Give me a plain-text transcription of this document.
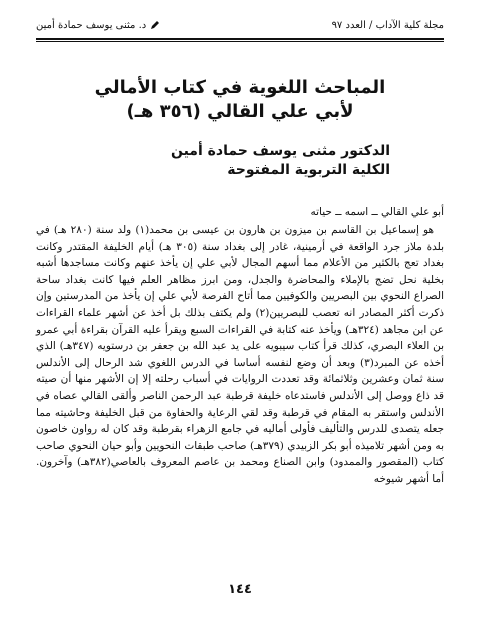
د. مثنى يوسف حمادة أمين	مجلة كلية الآداب / العدد ٩٧
المباحث اللغوية في كتاب الأمالي
لأبي علي القالي (٣٥٦ هـ)
الدكتور مثنى يوسف حمادة أمين
الكلية التربوية المفتوحة
أبو علي القالي ــ اسمه ــ حياته

هو إسماعيل بن القاسم بن ميزون بن هارون بن عيسى بن محمد(١) ولد سنة (٢٨٠ هـ) في بلدة ملاز جرد الواقعة في أرمينية، غادر إلى بغداد سنة (٣٠٥ هـ) أيام الخليفة المقتدر وكانت بغداد تعج بالكثير من الأعلام مما أسهم المجال لأبي علي إن يأخذ عنهم وكانت مساجدها أشبه بخلية نحل تضج بالإملاء والمحاضرة والجدل، ومن ابرز مظاهر العلم فيها كانت بغداد ساحة الصراع النحوي بين البصريين والكوفيين مما أتاح الفرصة لأبي علي إن يأخذ من المدرستين وإن ذكرت أكثر المصادر انه تعصب للبصريين(٢) ولم يكتف بذلك بل أخذ عن أشهر علماء القراءات عن ابن مجاهد (٣٢٤هـ) ويأخذ عنه كتابة في القراءات السبع ويقرأ عليه القرآن بقراءة أبي عمرو بن العلاء البصري، كذلك قرأ كتاب سيبويه على يد عبد الله بن جعفر بن درستويه (٣٤٧هـ) الذي أخذه عن المبرد(٣) وبعد أن وضع لنفسه أساسا في الدرس اللغوي شد الرحال إلى الأندلس سنة ثمان وعشرين وثلاثمائة وقد تعددت الروايات في أسباب رحلته إلا إن الأشهر منها أن صيته قد ذاع ووصل إلى الأندلس فاستدعاه خليفة قرطبة عبد الرحمن الناصر وألقى القالي عصاه في الأندلس واستقر به المقام في قرطبة وقد لقي الرعاية والحفاوة من قبل الخليفة وحاشيته مما جعله يتصدى للدرس والتأليف فأولى أماليه في جامع الزهراء بقرطبة وقد كان له رواون خاصون به ومن أشهر تلاميذه أبو بكر الزبيدي (٣٧٩هـ) صاحب طبقات النحويين وأبو حيان النحوي صاحب كتاب (المقصور والممدود) وابن الصناع ومحمد بن عاصم المعروف بالعاصي(٣٨٢هـ) وآخرون. أما أشهر شيوخه

١٤٤
